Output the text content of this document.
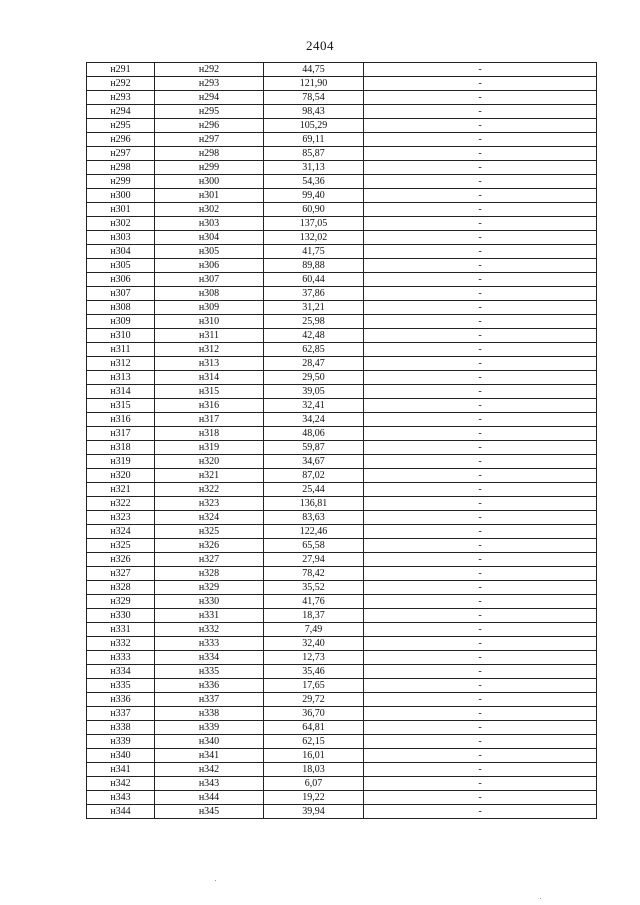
2404
н291	н292	44,75	-
н292	н293	121,90	-
н293	н294	78,54	-
н294	н295	98,43	-
н295	н296	105,29	-
н296	н297	69,11	-
н297	н298	85,87	-
н298	н299	31,13	-
н299	н300	54,36	-
н300	н301	99,40	-
н301	н302	60,90	-
н302	н303	137,05	-
н303	н304	132,02	-
н304	н305	41,75	-
н305	н306	89,88	-
н306	н307	60,44	-
н307	н308	37,86	-
н308	н309	31,21	-
н309	н310	25,98	-
н310	н311	42,48	-
н311	н312	62,85	-
н312	н313	28,47	-
н313	н314	29,50	-
н314	н315	39,05	-
н315	н316	32,41	-
н316	н317	34,24	-
н317	н318	48,06	-
н318	н319	59,87	-
н319	н320	34,67	-
н320	н321	87,02	-
н321	н322	25,44	-
н322	н323	136,81	-
н323	н324	83,63	-
н324	н325	122,46	-
н325	н326	65,58	-
н326	н327	27,94	-
н327	н328	78,42	-
н328	н329	35,52	-
н329	н330	41,76	-
н330	н331	18,37	-
н331	н332	7,49	-
н332	н333	32,40	-
н333	н334	12,73	-
н334	н335	35,46	-
н335	н336	17,65	-
н336	н337	29,72	-
н337	н338	36,70	-
н338	н339	64,81	-
н339	н340	62,15	-
н340	н341	16,01	-
н341	н342	18,03	-
н342	н343	6,07	-
н343	н344	19,22	-
н344	н345	39,94	-
